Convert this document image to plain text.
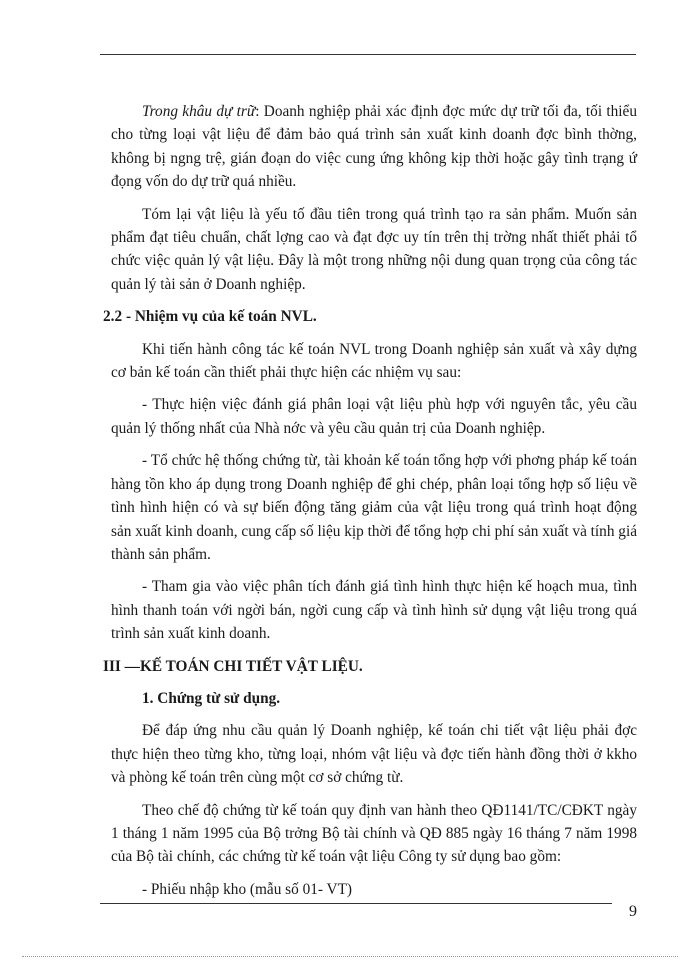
Trong khâu dự trữ: Doanh nghiệp phải xác định đợc mức dự trữ tối đa, tối thiểu cho từng loại vật liệu để đảm bảo quá trình sản xuất kinh doanh đợc bình thờng, không bị ngng trệ, gián đoạn do việc cung ứng không kịp thời hoặc gây tình trạng ứ đọng vốn do dự trữ quá nhiều.

Tóm lại vật liệu là yếu tố đầu tiên trong quá trình tạo ra sản phẩm. Muốn sản phẩm đạt tiêu chuẩn, chất lợng cao và đạt đợc uy tín trên thị trờng nhất thiết phải tổ chức việc quản lý vật liệu. Đây là một trong những nội dung quan trọng của công tác quản lý tài sản ở Doanh nghiệp.

2.2 - Nhiệm vụ của kế toán NVL.

Khi tiến hành công tác kế toán NVL trong Doanh nghiệp sản xuất và xây dựng cơ bản kế toán cần thiết phải thực hiện các nhiệm vụ sau:

- Thực hiện việc đánh giá phân loại vật liệu phù hợp với nguyên tắc, yêu cầu quản lý thống nhất của Nhà nớc và yêu cầu quản trị của Doanh nghiệp.

- Tổ chức hệ thống chứng từ, tài khoản kế toán tổng hợp với phơng pháp kế toán hàng tồn kho áp dụng trong Doanh nghiệp để ghi chép, phân loại tổng hợp số liệu về tình hình hiện có và sự biến động tăng giảm của vật liệu trong quá trình hoạt động sản xuất kinh doanh, cung cấp số liệu kịp thời để tổng hợp chi phí sản xuất và tính giá thành sản phẩm.

- Tham gia vào việc phân tích đánh giá tình hình thực hiện kế hoạch mua, tình hình thanh toán với ngời bán, ngời cung cấp và tình hình sử dụng vật liệu trong quá trình sản xuất kinh doanh.

III —KẾ TOÁN CHI TIẾT VẬT LIỆU.

1. Chứng từ sử dụng.

Để đáp ứng nhu cầu quản lý Doanh nghiệp, kế toán chi tiết vật liệu phải đợc thực hiện theo từng kho, từng loại, nhóm vật liệu và đợc tiến hành đồng thời ở kkho và phòng kế toán trên cùng một cơ sở chứng từ.

Theo chế độ chứng từ kế toán quy định van hành theo QĐ1141/TC/CĐKT ngày 1 tháng 1 năm 1995 của Bộ trởng Bộ tài chính và QĐ 885 ngày 16 tháng 7 năm 1998 của Bộ tài chính, các chứng từ kế toán vật liệu Công ty sử dụng bao gồm:

- Phiếu nhập kho (mẫu số 01- VT)

9
